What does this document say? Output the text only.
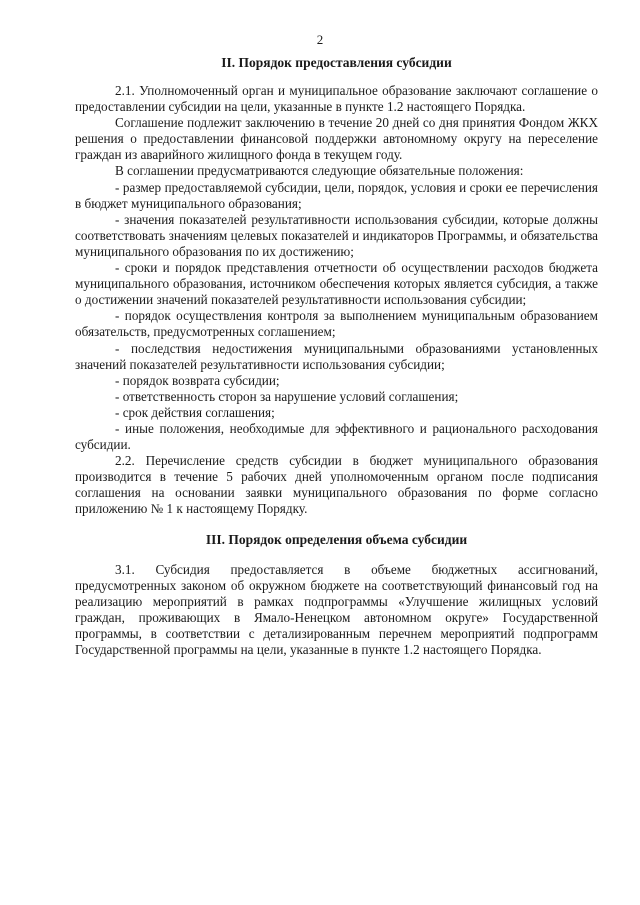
2
II. Порядок предоставления субсидии

2.1. Уполномоченный орган и муниципальное образование заключают соглашение о предоставлении субсидии на цели, указанные в пункте 1.2 настоящего Порядка.

Соглашение подлежит заключению в течение 20 дней со дня принятия Фондом ЖКХ решения о предоставлении финансовой поддержки автономному округу на переселение граждан из аварийного жилищного фонда в текущем году.

В соглашении предусматриваются следующие обязательные положения:

- размер предоставляемой субсидии, цели, порядок, условия и сроки ее перечисления в бюджет муниципального образования;

- значения показателей результативности использования субсидии, которые должны соответствовать значениям целевых показателей и индикаторов Программы, и обязательства муниципального образования по их достижению;

- сроки и порядок представления отчетности об осуществлении расходов бюджета муниципального образования, источником обеспечения которых является субсидия, а также о достижении значений показателей результативности использования субсидии;

- порядок осуществления контроля за выполнением муниципальным образованием обязательств, предусмотренных соглашением;

- последствия недостижения муниципальными образованиями установленных значений показателей результативности использования субсидии;

- порядок возврата субсидии;

- ответственность сторон за нарушение условий соглашения;

- срок действия соглашения;

- иные положения, необходимые для эффективного и рационального расходования субсидии.

2.2. Перечисление средств субсидии в бюджет муниципального образования производится в течение 5 рабочих дней уполномоченным органом после подписания соглашения на основании заявки муниципального образования по форме согласно приложению № 1 к настоящему Порядку.

III. Порядок определения объема субсидии

3.1. Субсидия предоставляется в объеме бюджетных ассигнований, предусмотренных законом об окружном бюджете на соответствующий финансовый год на реализацию мероприятий в рамках подпрограммы «Улучшение жилищных условий граждан, проживающих в Ямало-Ненецком автономном округе» Государственной программы, в соответствии с детализированным перечнем мероприятий подпрограмм Государственной программы на цели, указанные в пункте 1.2 настоящего Порядка.
